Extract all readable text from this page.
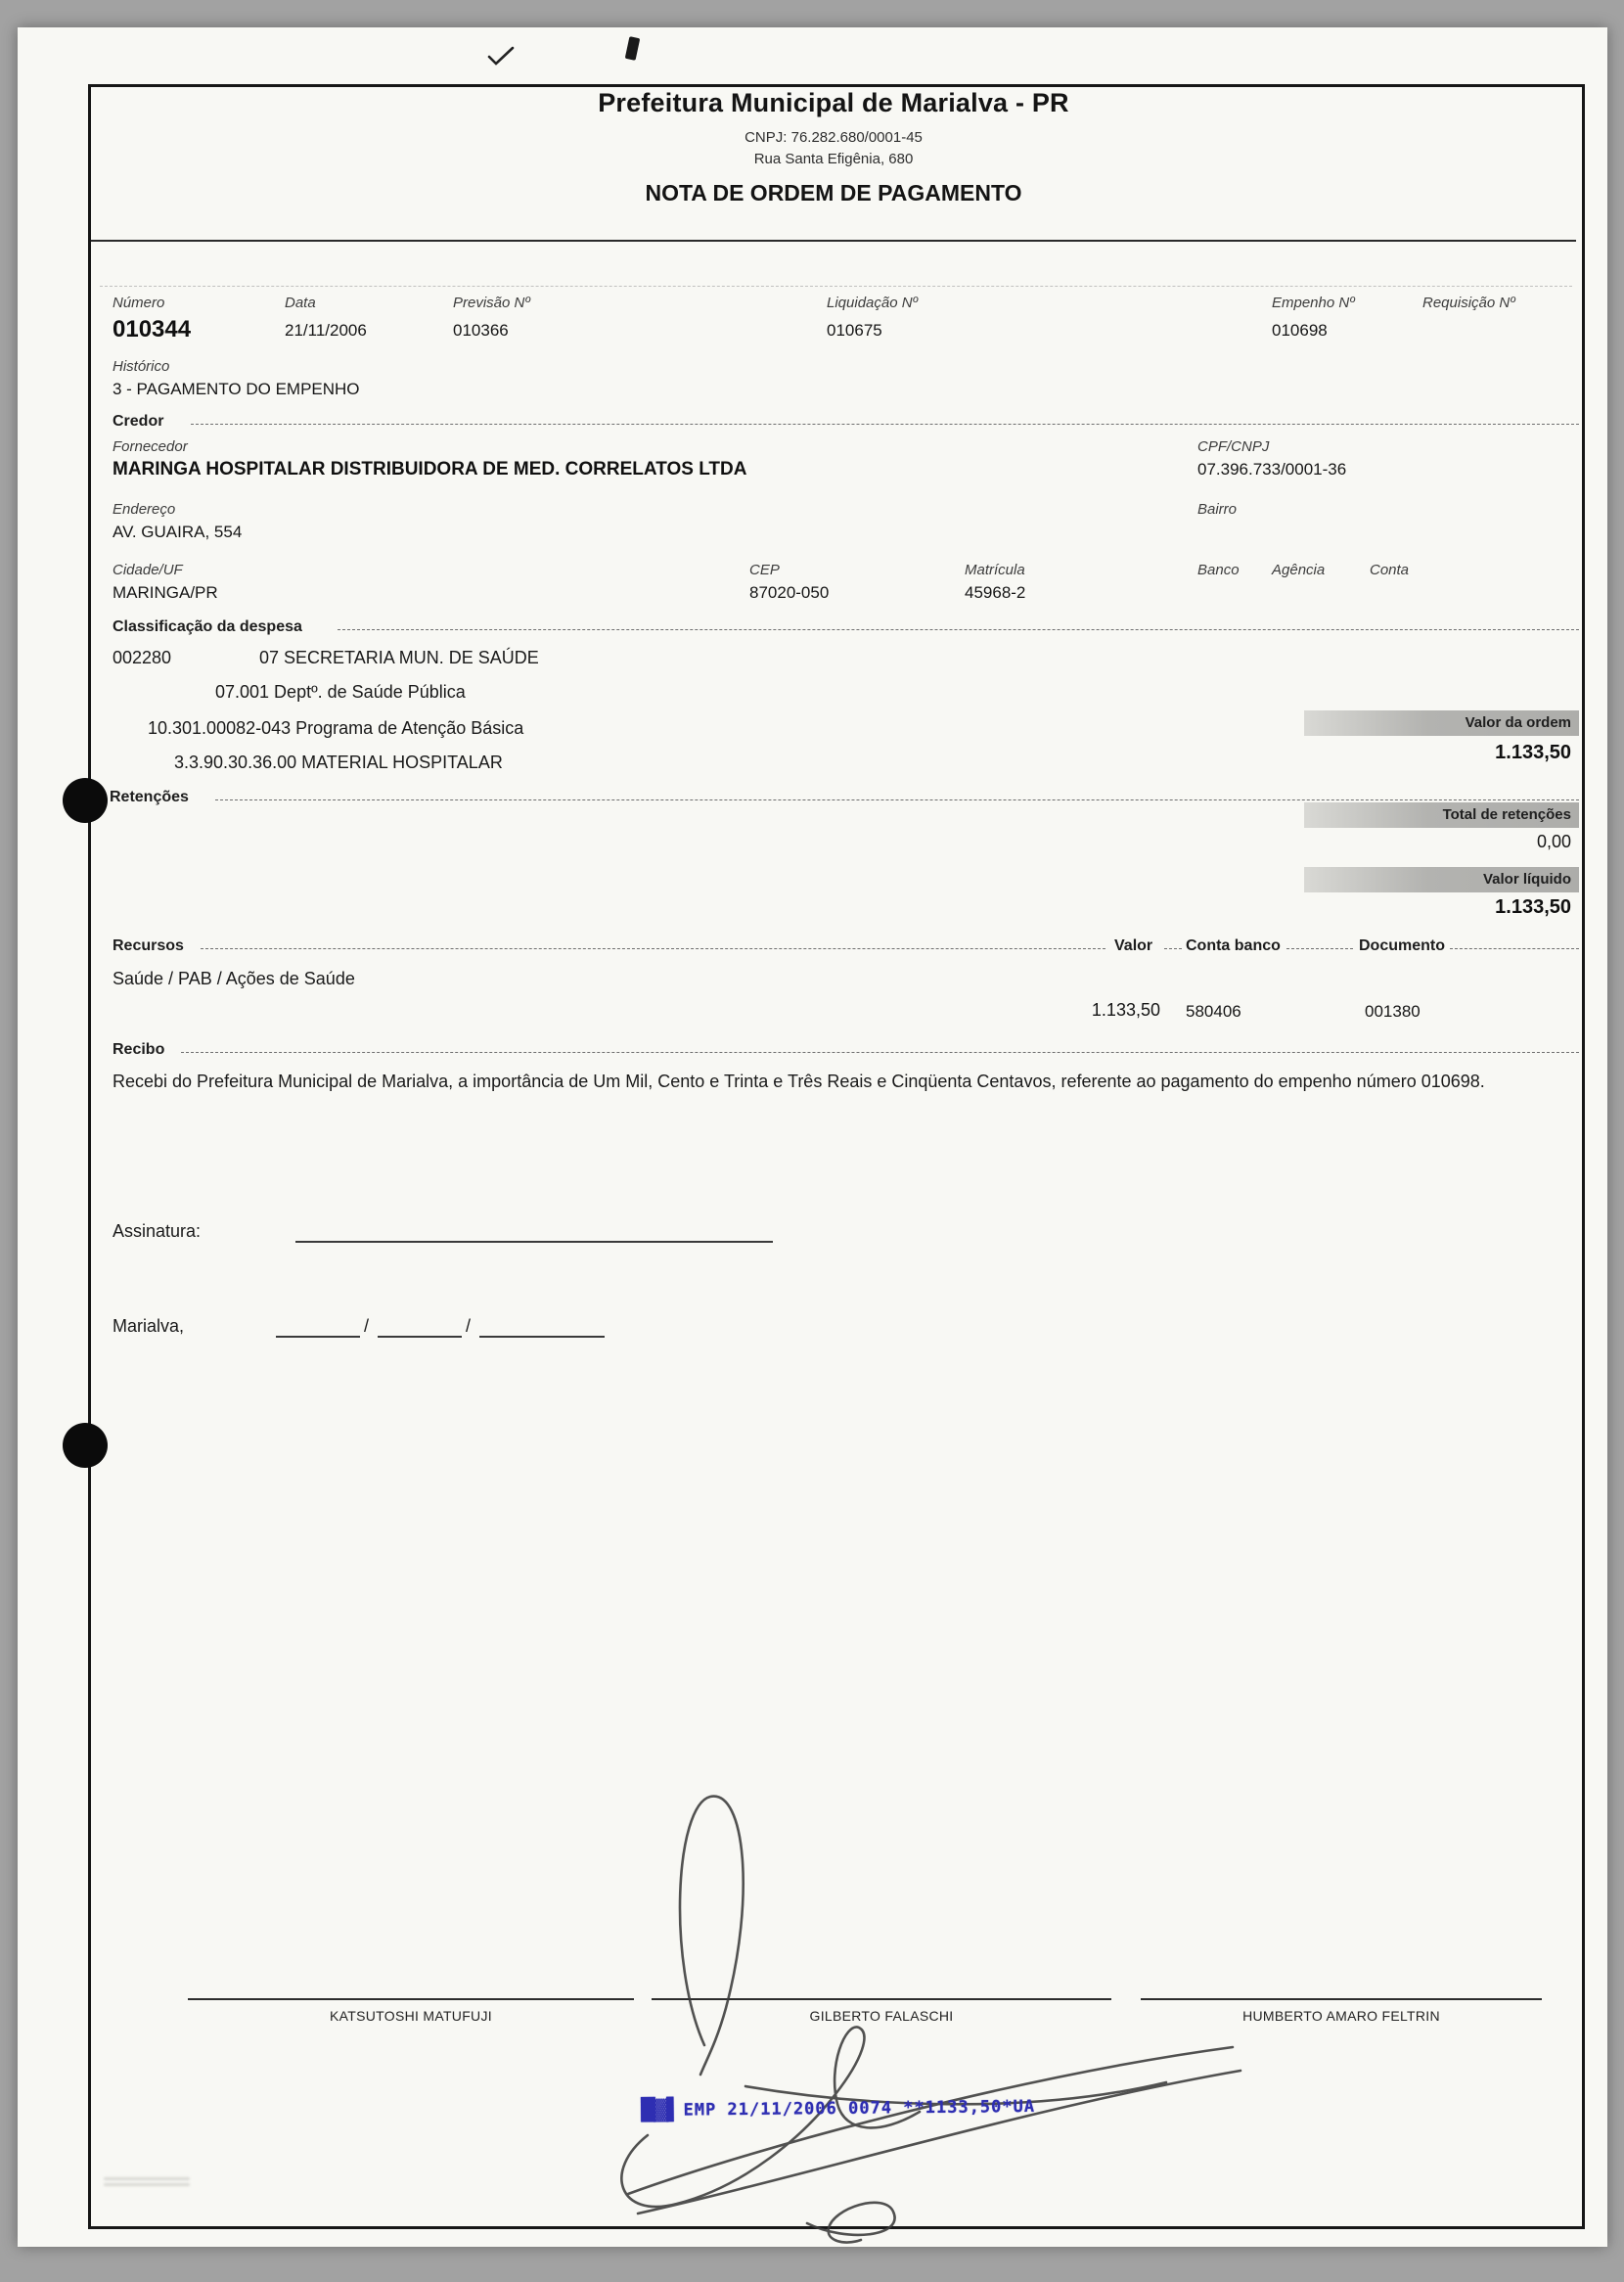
Prefeitura Municipal de Marialva - PR
CNPJ: 76.282.680/0001-45
Rua Santa Efigênia, 680
NOTA DE ORDEM DE PAGAMENTO
Número	Data	Previsão Nº	Liquidação Nº	Empenho Nº	Requisição Nº
010344	21/11/2006	010366	010675	010698
Histórico
3 - PAGAMENTO DO EMPENHO
Credor
Fornecedor	CPF/CNPJ
MARINGA HOSPITALAR DISTRIBUIDORA DE MED. CORRELATOS LTDA	07.396.733/0001-36
Endereço	Bairro
AV. GUAIRA, 554
Cidade/UF	CEP	Matrícula	Banco Agência	Conta
MARINGA/PR	87020-050	45968-2
Classificação da despesa
002280	07 SECRETARIA MUN. DE SAÚDE
07.001 Deptº. de Saúde Pública
10.301.00082-043 Programa de Atenção Básica
3.3.90.30.36.00 MATERIAL HOSPITALAR
Valor da ordem
1.133,50
Retenções
Total de retenções
0,00
Valor líquido
1.133,50
Recursos	Valor Conta banco	Documento
Saúde / PAB / Ações de Saúde
1.133,50 580406	001380
Recibo
Recebi do Prefeitura Municipal de Marialva, a importância de Um Mil, Cento e Trinta e Três Reais e Cinqüenta Centavos, referente ao pagamento do empenho número 010698.
Assinatura:
Marialva,	/	/
KATSUTOSHI MATUFUJI	GILBERTO FALASCHI	HUMBERTO AMARO FELTRIN
█▓▌ EMP 21/11/2006 0074 **1133,50*UA
